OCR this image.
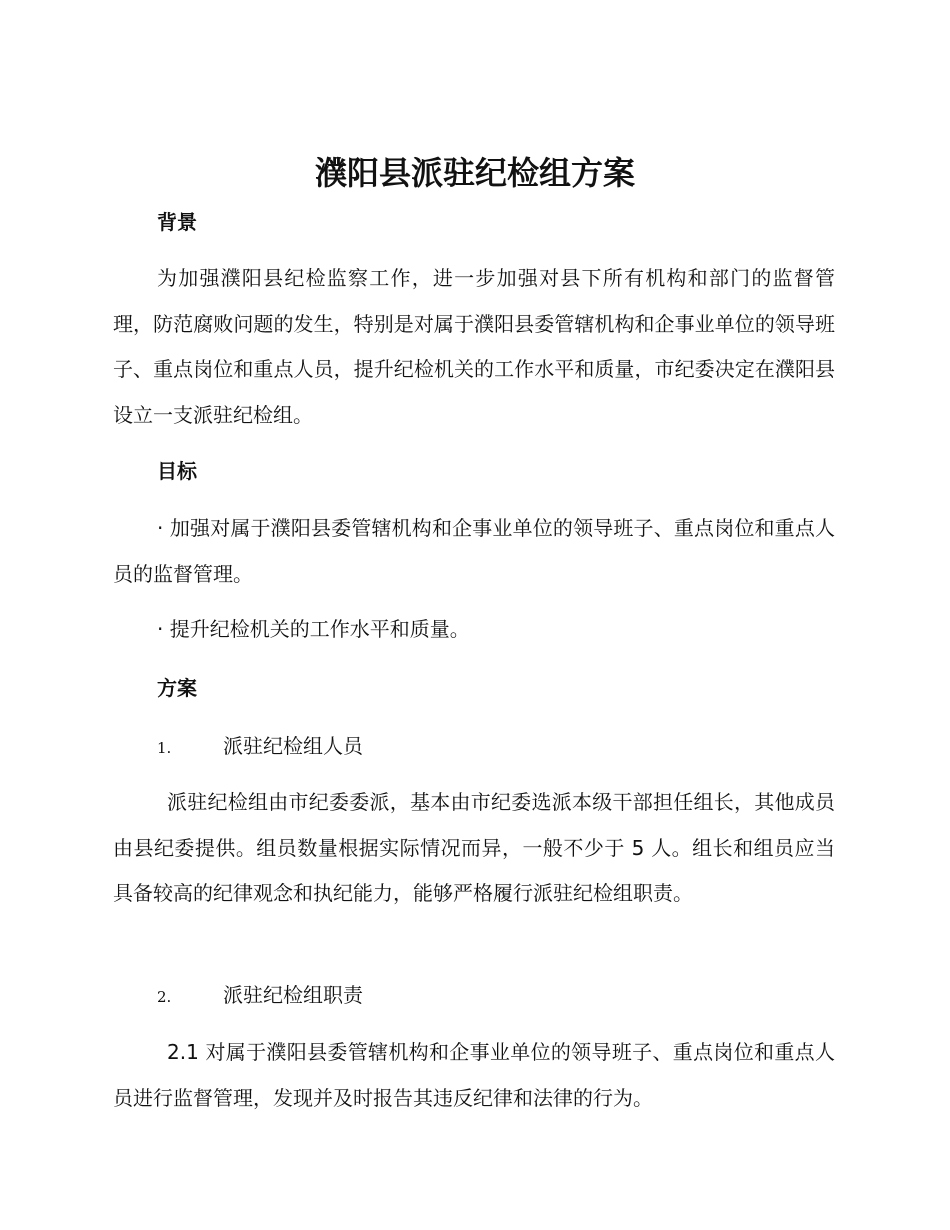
濮阳县派驻纪检组方案
背景

为加强濮阳县纪检监察工作，进一步加强对县下所有机构和部门的监督管理，防范腐败问题的发生，特别是对属于濮阳县委管辖机构和企事业单位的领导班子、重点岗位和重点人员，提升纪检机关的工作水平和质量，市纪委决定在濮阳县设立一支派驻纪检组。

目标

· 加强对属于濮阳县委管辖机构和企事业单位的领导班子、重点岗位和重点人员的监督管理。

· 提升纪检机关的工作水平和质量。

方案
1.	派驻纪检组人员

派驻纪检组由市纪委委派，基本由市纪委选派本级干部担任组长，其他成员由县纪委提供。组员数量根据实际情况而异，一般不少于 5 人。组长和组员应当具备较高的纪律观念和执纪能力，能够严格履行派驻纪检组职责。

2.	派驻纪检组职责

2.1 对属于濮阳县委管辖机构和企事业单位的领导班子、重点岗位和重点人员进行监督管理，发现并及时报告其违反纪律和法律的行为。
